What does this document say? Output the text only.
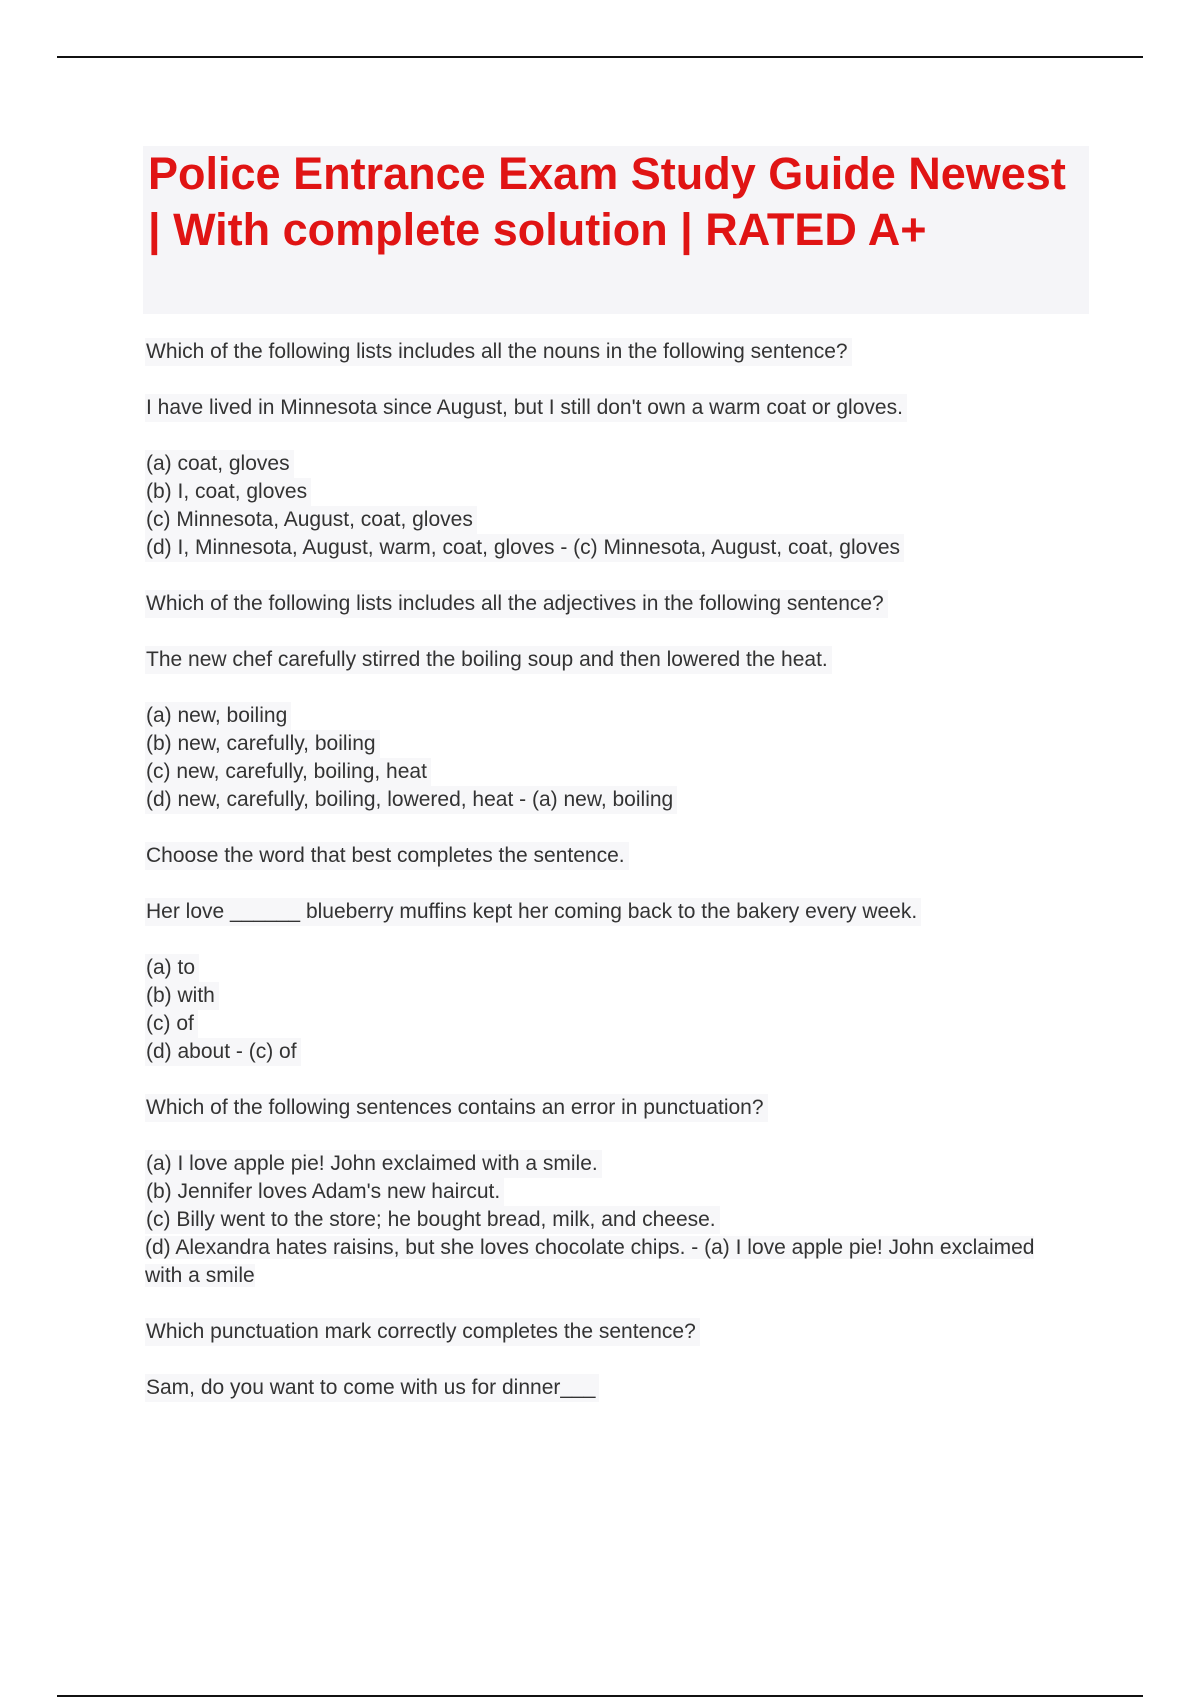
Police Entrance Exam Study Guide Newest | With complete solution | RATED A+

Which of the following lists includes all the nouns in the following sentence?

I have lived in Minnesota since August, but I still don't own a warm coat or gloves.

(a) coat, gloves
(b) I, coat, gloves
(c) Minnesota, August, coat, gloves
(d) I, Minnesota, August, warm, coat, gloves - (c) Minnesota, August, coat, gloves

Which of the following lists includes all the adjectives in the following sentence?

The new chef carefully stirred the boiling soup and then lowered the heat.

(a) new, boiling
(b) new, carefully, boiling
(c) new, carefully, boiling, heat
(d) new, carefully, boiling, lowered, heat - (a) new, boiling

Choose the word that best completes the sentence.

Her love ______ blueberry muffins kept her coming back to the bakery every week.

(a) to
(b) with
(c) of
(d) about - (c) of

Which of the following sentences contains an error in punctuation?

(a) I love apple pie! John exclaimed with a smile.
(b) Jennifer loves Adam's new haircut.
(c) Billy went to the store; he bought bread, milk, and cheese.
(d) Alexandra hates raisins, but she loves chocolate chips. - (a) I love apple pie! John exclaimed with a smile

Which punctuation mark correctly completes the sentence?

Sam, do you want to come with us for dinner___
